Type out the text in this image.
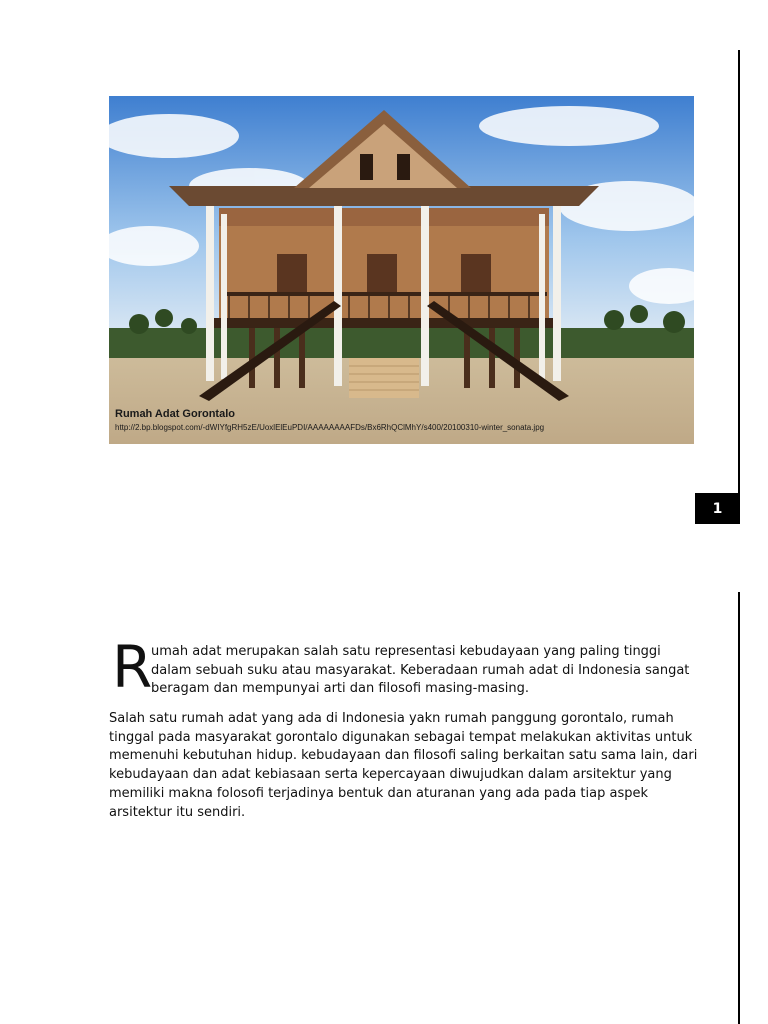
1
Rumah Adat Gorontalo
http://2.bp.blogspot.com/-dWIYfgRH5zE/UoxlElEuPDI/AAAAAAAAFDs/Bx6RhQClMhY/s400/20100310-winter_sonata.jpg
R

umah adat merupakan salah satu representasi kebudayaan yang paling tinggi dalam sebuah suku atau masyarakat. Keberadaan rumah adat di Indonesia sangat beragam dan mempunyai arti dan filosofi masing-masing.

Salah satu rumah adat yang ada di Indonesia yakn rumah panggung gorontalo, rumah tinggal pada masyarakat gorontalo digunakan sebagai tempat melakukan aktivitas untuk memenuhi kebutuhan hidup. kebudayaan dan filosofi saling berkaitan satu sama lain, dari kebudayaan dan adat kebiasaan serta kepercayaan diwujudkan dalam arsitektur yang memiliki makna folosofi terjadinya bentuk dan aturanan yang ada pada tiap aspek arsitektur itu sendiri.
